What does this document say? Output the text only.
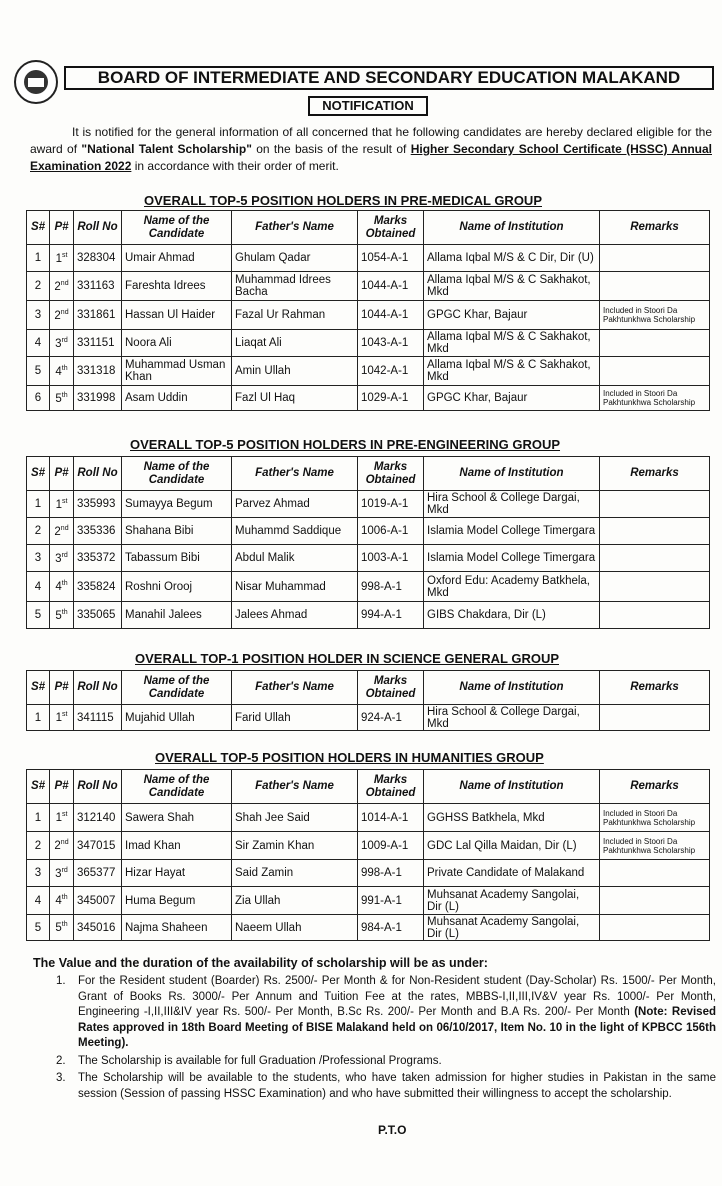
BOARD OF INTERMEDIATE AND SECONDARY EDUCATION MALAKAND
NOTIFICATION

It is notified for the general information of all concerned that he following candidates are hereby declared eligible for the award of "National Talent Scholarship" on the basis of the result of Higher Secondary School Certificate (HSSC) Annual Examination 2022 in accordance with their order of merit.

OVERALL TOP-5 POSITION HOLDERS IN PRE-MEDICAL GROUP
S#	P#	Roll No	Name of the Candidate	Father's Name	Marks Obtained	Name of Institution	Remarks
1	1st	328304	Umair Ahmad	Ghulam Qadar	1054-A-1	Allama Iqbal M/S & C Dir, Dir (U)	
2	2nd	331163	Fareshta Idrees	Muhammad Idrees Bacha	1044-A-1	Allama Iqbal M/S & C Sakhakot, Mkd	
3	2nd	331861	Hassan Ul Haider	Fazal Ur Rahman	1044-A-1	GPGC Khar, Bajaur	Included in Stoori Da Pakhtunkhwa Scholarship
4	3rd	331151	Noora Ali	Liaqat Ali	1043-A-1	Allama Iqbal M/S & C Sakhakot, Mkd	
5	4th	331318	Muhammad Usman Khan	Amin Ullah	1042-A-1	Allama Iqbal M/S & C Sakhakot, Mkd	
6	5th	331998	Asam Uddin	Fazl Ul Haq	1029-A-1	GPGC Khar, Bajaur	Included in Stoori Da Pakhtunkhwa Scholarship
OVERALL TOP-5 POSITION HOLDERS IN PRE-ENGINEERING GROUP
S#	P#	Roll No	Name of the Candidate	Father's Name	Marks Obtained	Name of Institution	Remarks
1	1st	335993	Sumayya Begum	Parvez Ahmad	1019-A-1	Hira School & College Dargai, Mkd	
2	2nd	335336	Shahana Bibi	Muhammd Saddique	1006-A-1	Islamia Model College Timergara	
3	3rd	335372	Tabassum Bibi	Abdul Malik	1003-A-1	Islamia Model College Timergara	
4	4th	335824	Roshni Orooj	Nisar Muhammad	998-A-1	Oxford Edu: Academy Batkhela, Mkd	
5	5th	335065	Manahil Jalees	Jalees Ahmad	994-A-1	GIBS Chakdara, Dir (L)	
OVERALL TOP-1 POSITION HOLDER IN SCIENCE GENERAL GROUP
S#	P#	Roll No	Name of the Candidate	Father's Name	Marks Obtained	Name of Institution	Remarks
1	1st	341115	Mujahid Ullah	Farid Ullah	924-A-1	Hira School & College Dargai, Mkd	
OVERALL TOP-5 POSITION HOLDERS IN HUMANITIES GROUP
S#	P#	Roll No	Name of the Candidate	Father's Name	Marks Obtained	Name of Institution	Remarks
1	1st	312140	Sawera Shah	Shah Jee Said	1014-A-1	GGHSS Batkhela, Mkd	Included in Stoori Da Pakhtunkhwa Scholarship
2	2nd	347015	Imad Khan	Sir Zamin Khan	1009-A-1	GDC Lal Qilla Maidan, Dir (L)	Included in Stoori Da Pakhtunkhwa Scholarship
3	3rd	365377	Hizar Hayat	Said Zamin	998-A-1	Private Candidate of Malakand	
4	4th	345007	Huma Begum	Zia Ullah	991-A-1	Muhsanat Academy Sangolai, Dir (L)	
5	5th	345016	Najma Shaheen	Naeem Ullah	984-A-1	Muhsanat Academy Sangolai, Dir (L)	
The Value and the duration of the availability of scholarship will be as under:
1. For the Resident student (Boarder) Rs. 2500/- Per Month & for Non-Resident student (Day-Scholar) Rs. 1500/- Per Month, Grant of Books Rs. 3000/- Per Annum and Tuition Fee at the rates, MBBS-I,II,III,IV&V year Rs. 1000/- Per Month, Engineering -I,II,III&IV year Rs. 500/- Per Month, B.Sc Rs. 200/- Per Month and B.A Rs. 200/- Per Month (Note: Revised Rates approved in 18th Board Meeting of BISE Malakand held on 06/10/2017, Item No. 10 in the light of KPBCC 156th Meeting).
2. The Scholarship is available for full Graduation /Professional Programs.
3. The Scholarship will be available to the students, who have taken admission for higher studies in Pakistan in the same session (Session of passing HSSC Examination) and who have submitted their willingness to accept the scholarship.
P.T.O
